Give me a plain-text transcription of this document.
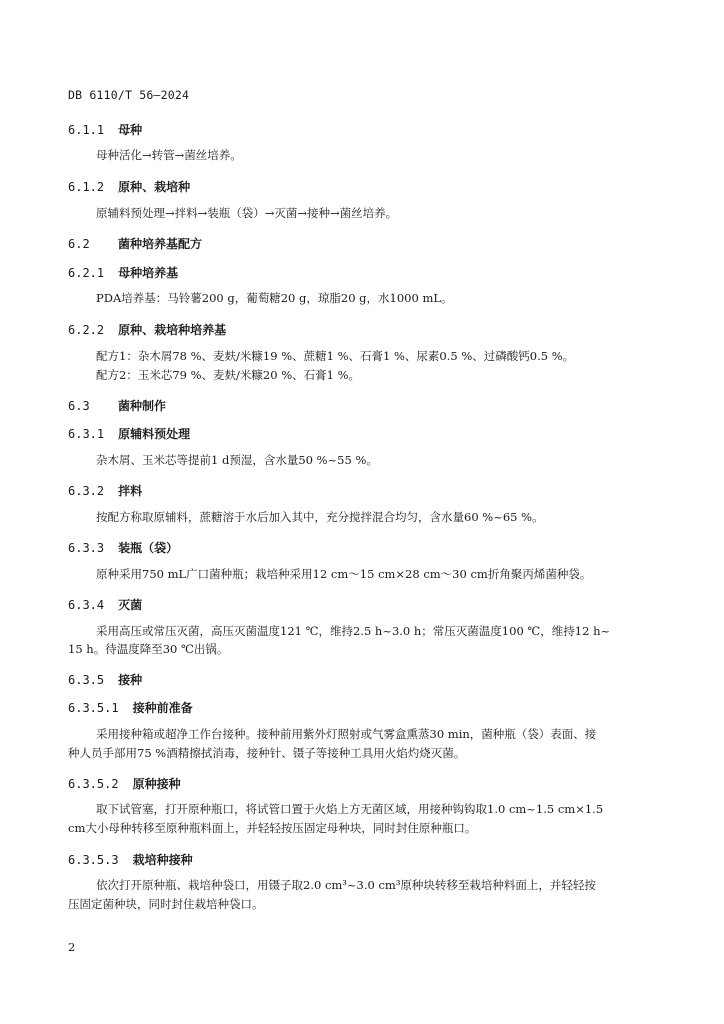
DB 6110/T 56—2024
6.1.1 母种
母种活化→转管→菌丝培养。
6.1.2 原种、栽培种
原辅料预处理→拌料→装瓶（袋）→灭菌→接种→菌丝培养。
6.2 菌种培养基配方
6.2.1 母种培养基
PDA培养基：马铃薯200 g，葡萄糖20 g，琼脂20 g，水1000 mL。
6.2.2 原种、栽培种培养基
配方1：杂木屑78 %、麦麸/米糠19 %、蔗糖1 %、石膏1 %、尿素0.5 %、过磷酸钙0.5 %。
配方2：玉米芯79 %、麦麸/米糠20 %、石膏1 %。
6.3 菌种制作
6.3.1 原辅料预处理
杂木屑、玉米芯等提前1 d预湿，含水量50 %~55 %。
6.3.2 拌料
按配方称取原辅料，蔗糖溶于水后加入其中，充分搅拌混合均匀，含水量60 %~65 %。
6.3.3 装瓶（袋）
原种采用750 mL广口菌种瓶；栽培种采用12 cm～15 cm×28 cm～30 cm折角聚丙烯菌种袋。
6.3.4 灭菌
采用高压或常压灭菌，高压灭菌温度121 ℃，维持2.5 h~3.0 h；常压灭菌温度100 ℃，维持12 h~
15 h。待温度降至30 ℃出锅。
6.3.5 接种
6.3.5.1 接种前准备
采用接种箱或超净工作台接种。接种前用紫外灯照射或气雾盒熏蒸30 min，菌种瓶（袋）表面、接
种人员手部用75 %酒精擦拭消毒，接种针、镊子等接种工具用火焰灼烧灭菌。
6.3.5.2 原种接种
取下试管塞，打开原种瓶口，将试管口置于火焰上方无菌区域，用接种钩钩取1.0 cm~1.5 cm×1.5
cm大小母种转移至原种瓶料面上，并轻轻按压固定母种块，同时封住原种瓶口。
6.3.5.3 栽培种接种
依次打开原种瓶、栽培种袋口，用镊子取2.0 cm³~3.0 cm³原种块转移至栽培种料面上，并轻轻按
压固定菌种块，同时封住栽培种袋口。
2
